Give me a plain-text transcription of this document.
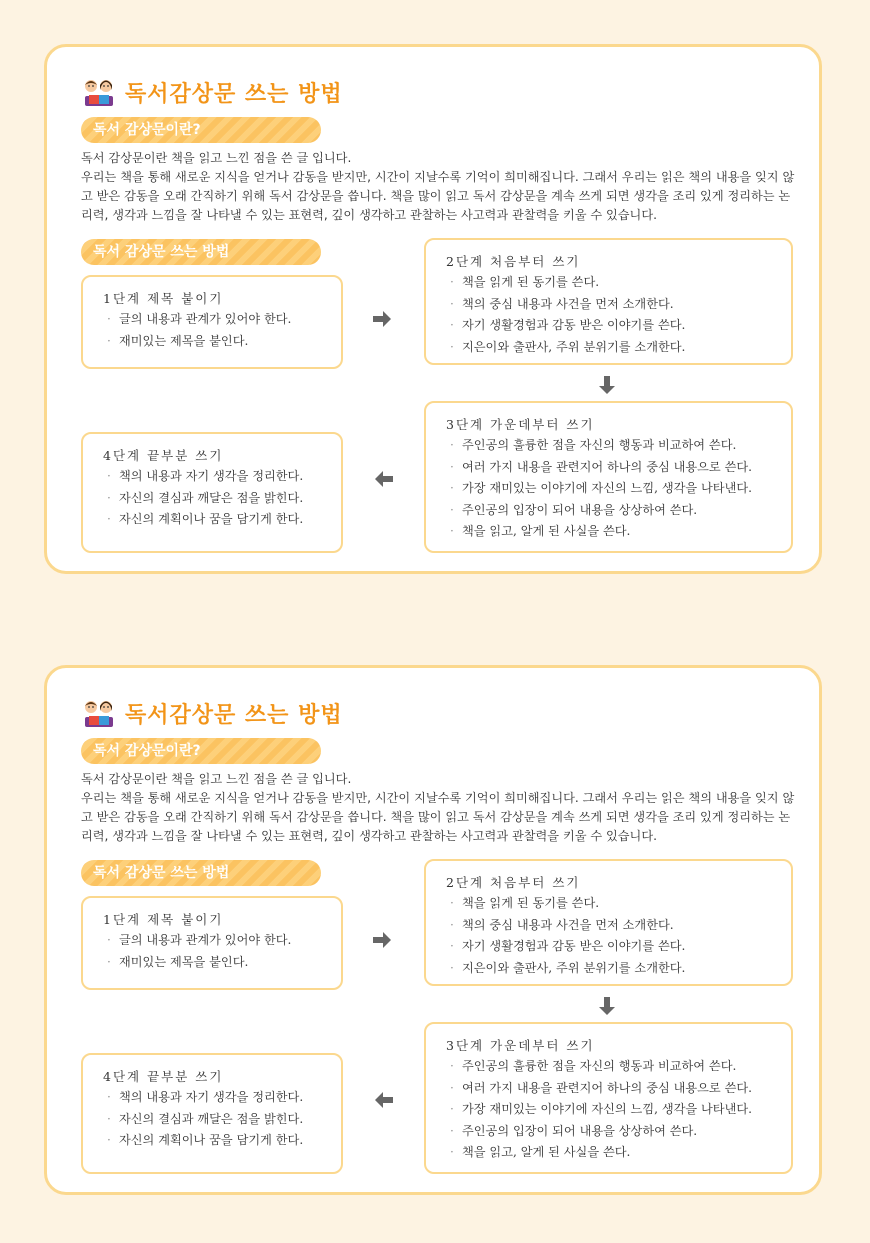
독서감상문 쓰는 방법
독서 감상문이란?

독서 감상문이란 책을 읽고 느낀 점을 쓴 글 입니다.

우리는 책을 통해 새로운 지식을 얻거나 감동을 받지만, 시간이 지날수록 기억이 희미해집니다. 그래서 우리는 읽은 책의 내용을 잊지 않고 받은 감동을 오래 간직하기 위해 독서 감상문을 씁니다. 책을 많이 읽고 독서 감상문을 계속 쓰게 되면 생각을 조리 있게 정리하는 논리력, 생각과 느낌을 잘 나타낼 수 있는 표현력, 깊이 생각하고 관찰하는 사고력과 관찰력을 키울 수 있습니다.

독서 감상문 쓰는 방법
1단계 제목 붙이기
· 글의 내용과 관계가 있어야 한다.
· 재미있는 제목을 붙인다.
2단계 처음부터 쓰기
· 책을 읽게 된 동기를 쓴다.
· 책의 중심 내용과 사건을 먼저 소개한다.
· 자기 생활경험과 감동 받은 이야기를 쓴다.
· 지은이와 출판사, 주위 분위기를 소개한다.
3단계 가운데부터 쓰기
· 주인공의 훌륭한 점을 자신의 행동과 비교하여 쓴다.
· 여러 가지 내용을 관련지어 하나의 중심 내용으로 쓴다.
· 가장 재미있는 이야기에 자신의 느낌, 생각을 나타낸다.
· 주인공의 입장이 되어 내용을 상상하여 쓴다.
· 책을 읽고, 알게 된 사실을 쓴다.
4단계 끝부분 쓰기
· 책의 내용과 자기 생각을 정리한다.
· 자신의 결심과 깨달은 점을 밝힌다.
· 자신의 계획이나 꿈을 담기게 한다.
독서감상문 쓰는 방법
독서 감상문이란?

독서 감상문이란 책을 읽고 느낀 점을 쓴 글 입니다.

우리는 책을 통해 새로운 지식을 얻거나 감동을 받지만, 시간이 지날수록 기억이 희미해집니다. 그래서 우리는 읽은 책의 내용을 잊지 않고 받은 감동을 오래 간직하기 위해 독서 감상문을 씁니다. 책을 많이 읽고 독서 감상문을 계속 쓰게 되면 생각을 조리 있게 정리하는 논리력, 생각과 느낌을 잘 나타낼 수 있는 표현력, 깊이 생각하고 관찰하는 사고력과 관찰력을 키울 수 있습니다.

독서 감상문 쓰는 방법
1단계 제목 붙이기
· 글의 내용과 관계가 있어야 한다.
· 재미있는 제목을 붙인다.
2단계 처음부터 쓰기
· 책을 읽게 된 동기를 쓴다.
· 책의 중심 내용과 사건을 먼저 소개한다.
· 자기 생활경험과 감동 받은 이야기를 쓴다.
· 지은이와 출판사, 주위 분위기를 소개한다.
3단계 가운데부터 쓰기
· 주인공의 훌륭한 점을 자신의 행동과 비교하여 쓴다.
· 여러 가지 내용을 관련지어 하나의 중심 내용으로 쓴다.
· 가장 재미있는 이야기에 자신의 느낌, 생각을 나타낸다.
· 주인공의 입장이 되어 내용을 상상하여 쓴다.
· 책을 읽고, 알게 된 사실을 쓴다.
4단계 끝부분 쓰기
· 책의 내용과 자기 생각을 정리한다.
· 자신의 결심과 깨달은 점을 밝힌다.
· 자신의 계획이나 꿈을 담기게 한다.
